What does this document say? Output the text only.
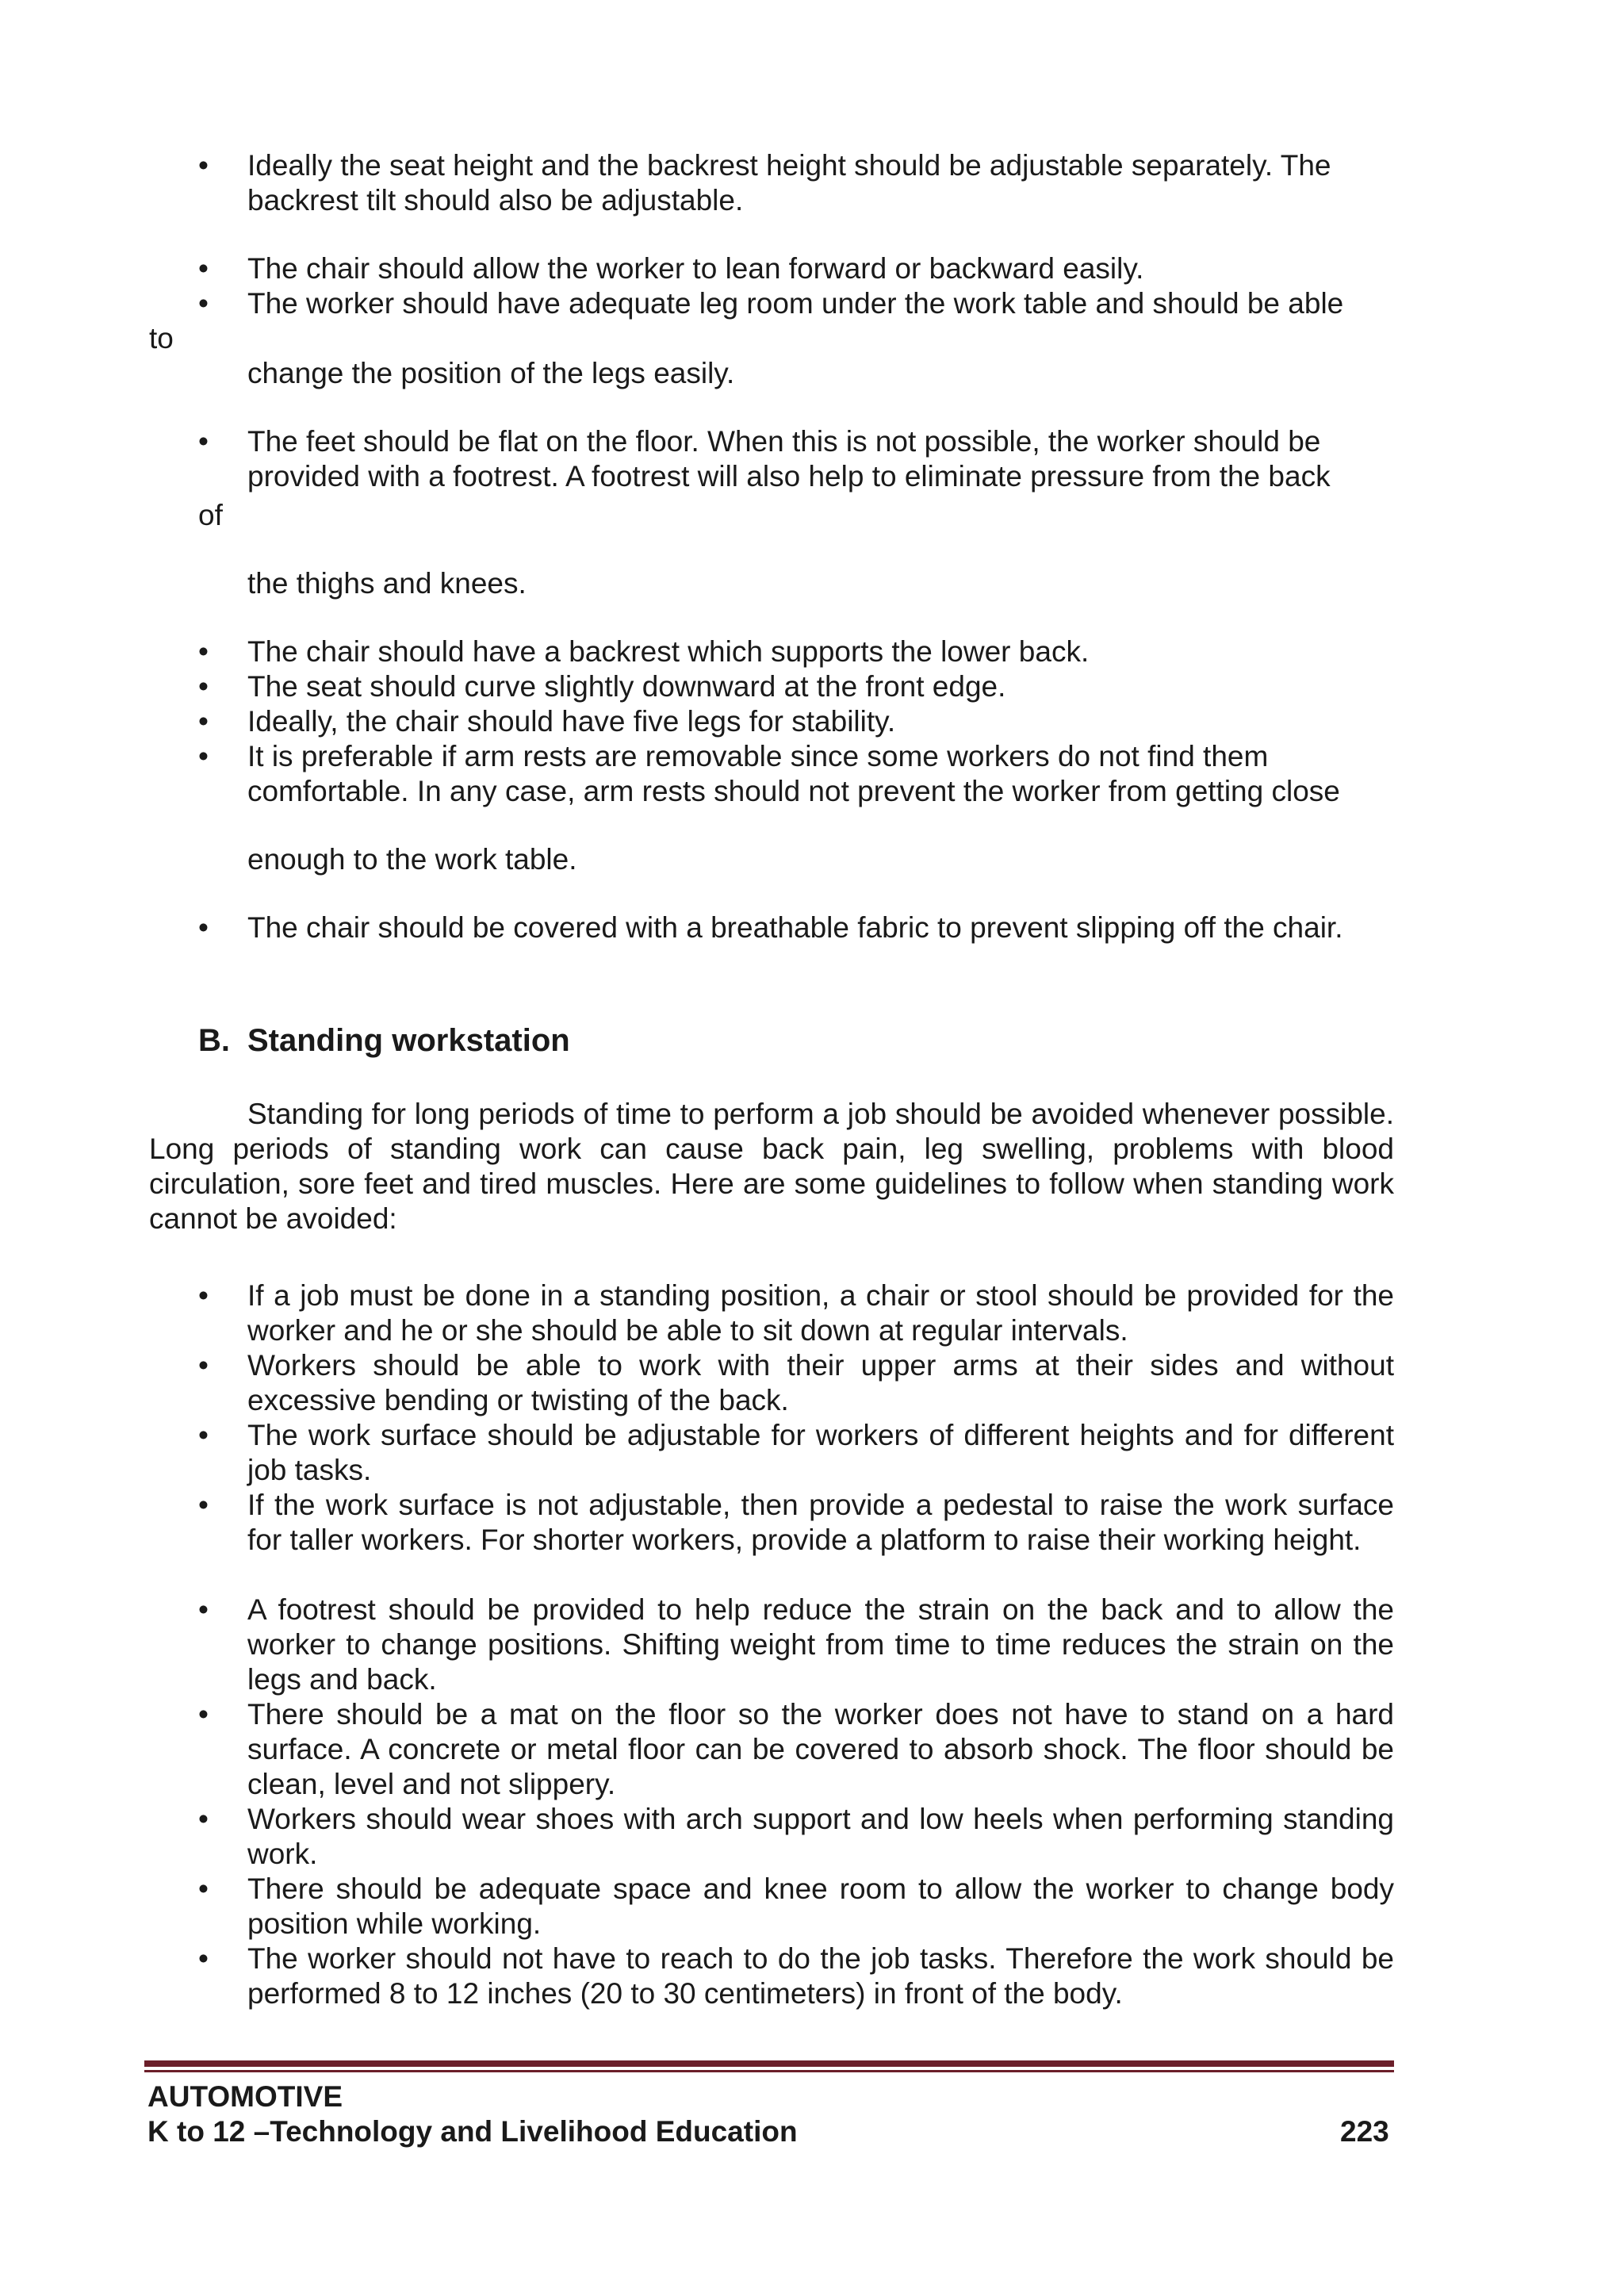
•
Ideally the seat height and the backrest height should be adjustable separately. The
backrest tilt should also be adjustable.
•
The chair should allow the worker to lean forward or backward easily.
•
The worker should have adequate leg room under the work table and should be able
to
change the position of the legs easily.
•
The feet should be flat on the floor. When this is not possible, the worker should be
provided with a footrest. A footrest will also help to eliminate pressure from the back
of
the thighs and knees.
•
The chair should have a backrest which supports the lower back.
•
The seat should curve slightly downward at the front edge.
•
Ideally, the chair should have five legs for stability.
•
It is preferable if arm rests are removable since some workers do not find them
comfortable. In any case, arm rests should not prevent the worker from getting close
enough to the work table.
•
The chair should be covered with a breathable fabric to prevent slipping off the chair.
B. Standing workstation
Standing for long periods of time to perform a job should be avoided whenever possible. Long periods of standing work can cause back pain, leg swelling, problems with blood circulation, sore feet and tired muscles. Here are some guidelines to follow when standing work cannot be avoided:
•
If a job must be done in a standing position, a chair or stool should be provided for the worker and he or she should be able to sit down at regular intervals.
•
Workers should be able to work with their upper arms at their sides and without excessive bending or twisting of the back.
•
The work surface should be adjustable for workers of different heights and for different job tasks.
•
If the work surface is not adjustable, then provide a pedestal to raise the work surface for taller workers. For shorter workers, provide a platform to raise their working height.
•
A footrest should be provided to help reduce the strain on the back and to allow the worker to change positions. Shifting weight from time to time reduces the strain on the legs and back.
•
There should be a mat on the floor so the worker does not have to stand on a hard surface. A concrete or metal floor can be covered to absorb shock. The floor should be clean, level and not slippery.
•
Workers should wear shoes with arch support and low heels when performing standing work.
•
There should be adequate space and knee room to allow the worker to change body position while working.
•
The worker should not have to reach to do the job tasks. Therefore the work should be performed 8 to 12 inches (20 to 30 centimeters) in front of the body.
AUTOMOTIVE
K to 12 –Technology and Livelihood Education	223
